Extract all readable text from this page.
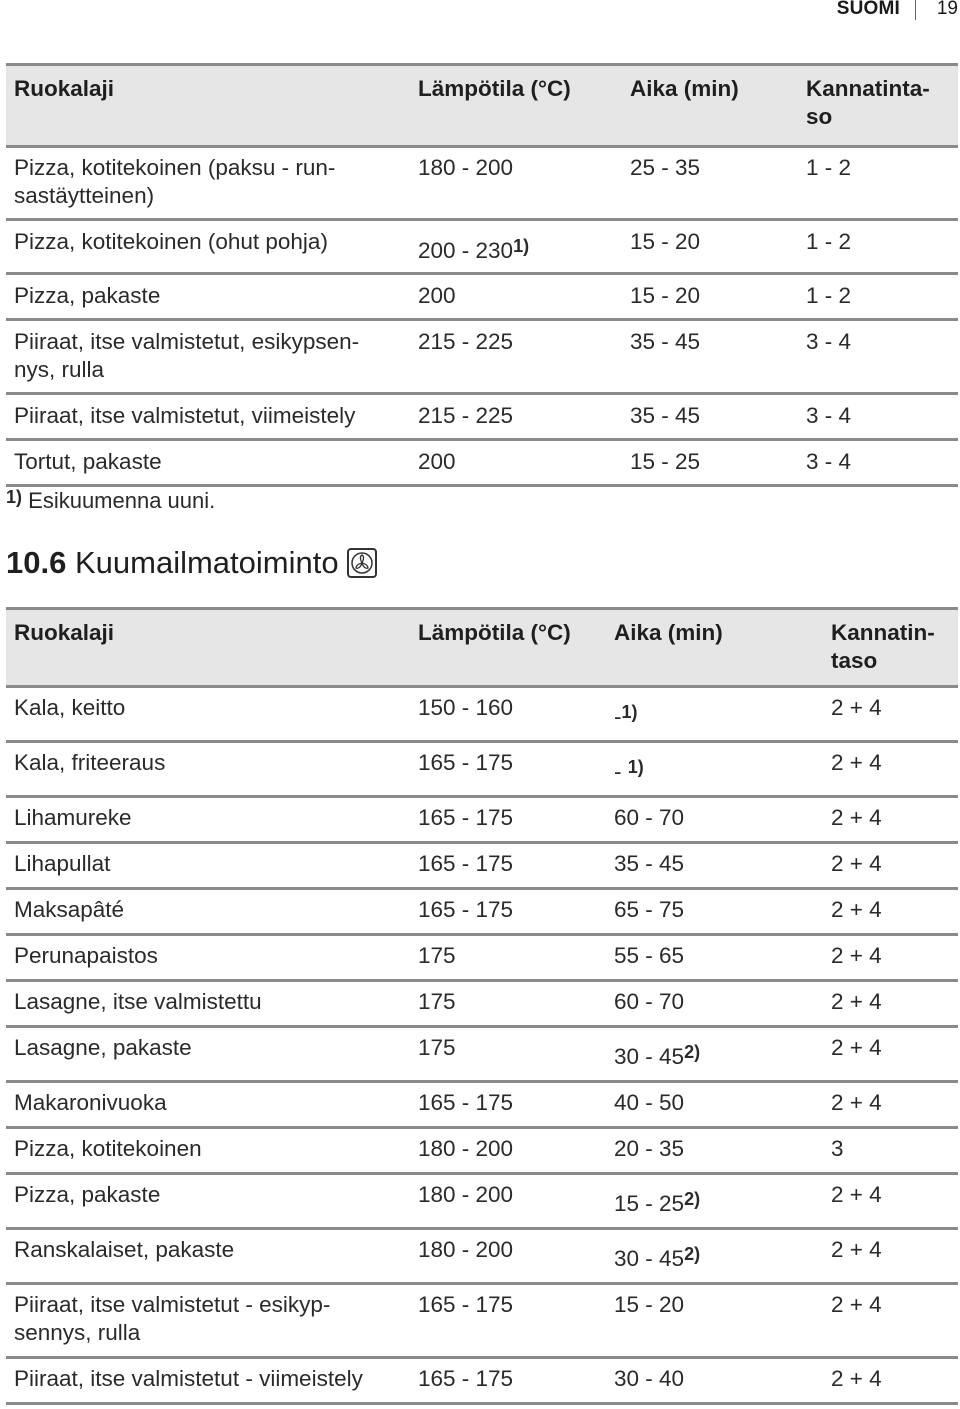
SUOMI 19
Ruokalaji	Lämpötila (°C)	Aika (min)	Kannatinta-
so
Pizza, kotitekoinen (paksu - run-
sastäytteinen)	180 - 200	25 - 35	1 - 2
Pizza, kotitekoinen (ohut pohja)	200 - 230$^{1)}$	15 - 20	1 - 2
Pizza, pakaste	200	15 - 20	1 - 2
Piiraat, itse valmistetut, esikypsen-
nys, rulla	215 - 225	35 - 45	3 - 4
Piiraat, itse valmistetut, viimeistely	215 - 225	35 - 45	3 - 4
Tortut, pakaste	200	15 - 25	3 - 4
$^{1)}$ Esikuumenna uuni.
10.6
Kuumailmatoiminto
Ruokalaji	Lämpötila (°C)	Aika (min)	Kannatin-
taso
Kala, keitto	150 - 160	-$^{1)}$	2 + 4
Kala, friteeraus	165 - 175	- $^{1)}$	2 + 4
Lihamureke	165 - 175	60 - 70	2 + 4
Lihapullat	165 - 175	35 - 45	2 + 4
Maksapâté	165 - 175	65 - 75	2 + 4
Perunapaistos	175	55 - 65	2 + 4
Lasagne, itse valmistettu	175	60 - 70	2 + 4
Lasagne, pakaste	175	30 - 45$^{2)}$	2 + 4
Makaronivuoka	165 - 175	40 - 50	2 + 4
Pizza, kotitekoinen	180 - 200	20 - 35	3
Pizza, pakaste	180 - 200	15 - 25$^{2)}$	2 + 4
Ranskalaiset, pakaste	180 - 200	30 - 45$^{2)}$	2 + 4
Piiraat, itse valmistetut - esikyp-
sennys, rulla	165 - 175	15 - 20	2 + 4
Piiraat, itse valmistetut - viimeistely	165 - 175	30 - 40	2 + 4
